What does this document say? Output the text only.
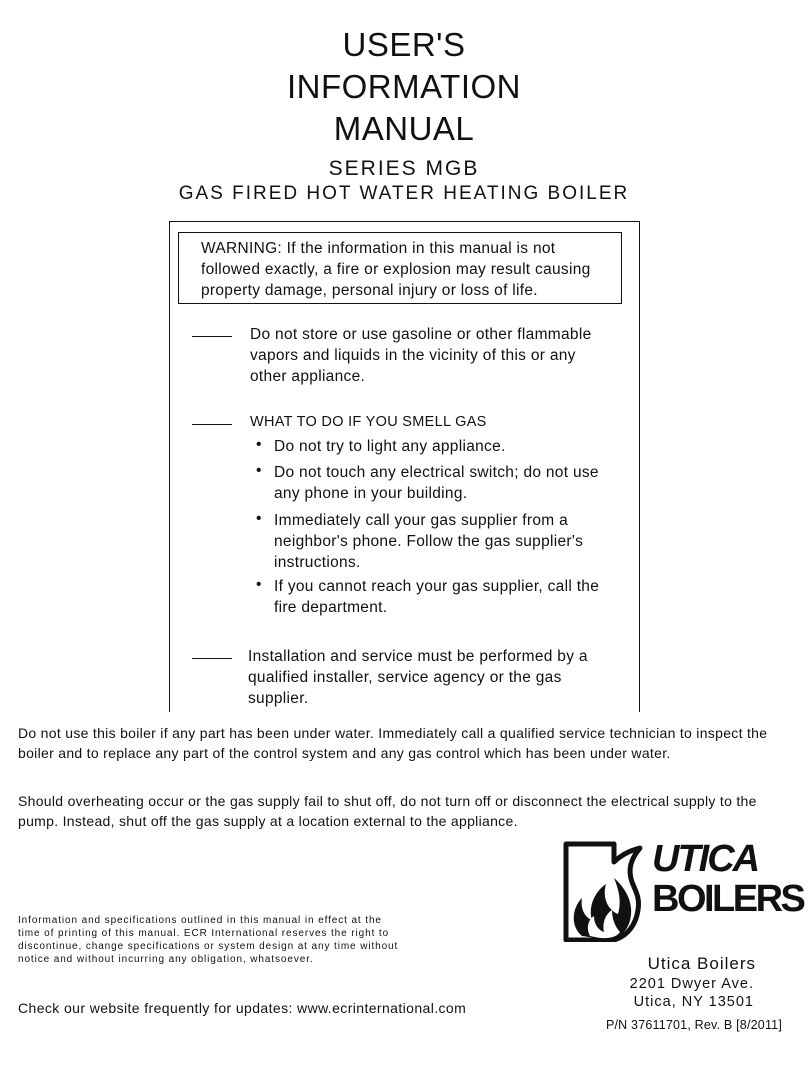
USER'S
INFORMATION
MANUAL
SERIES MGB
GAS FIRED HOT WATER HEATING BOILER

WARNING: If the information in this manual is not
followed exactly, a fire or explosion may result causing
property damage, personal injury or loss of life.

Do not store or use gasoline or other flammable
vapors and liquids in the vicinity of this or any
other appliance.
WHAT TO DO IF YOU SMELL GAS
• Do not try to light any appliance.
• Do not touch any electrical switch; do not use
any phone in your building.
• Immediately call your gas supplier from a
neighbor's phone. Follow the gas supplier's
instructions.
• If you cannot reach your gas supplier, call the
fire department.
Installation and service must be performed by a
qualified installer, service agency or the gas
supplier.
Do not use this boiler if any part has been under water. Immediately call a qualified service technician to inspect the boiler and to replace any part of the control system and any gas control which has been under water.
Should overheating occur or the gas supply fail to shut off, do not turn off or disconnect the electrical supply to the pump. Instead, shut off the gas supply at a location external to the appliance.
UTICA
BOILERS
Information and specifications outlined in this manual in effect at the
time of printing of this manual. ECR International reserves the right to
discontinue, change specifications or system design at any time without
notice and without incurring any obligation, whatsoever.	Utica Boilers
2201 Dwyer Ave.
Utica, NY 13501
P/N 37611701, Rev. B [8/2011]
Check our website frequently for updates: www.ecrinternational.com
